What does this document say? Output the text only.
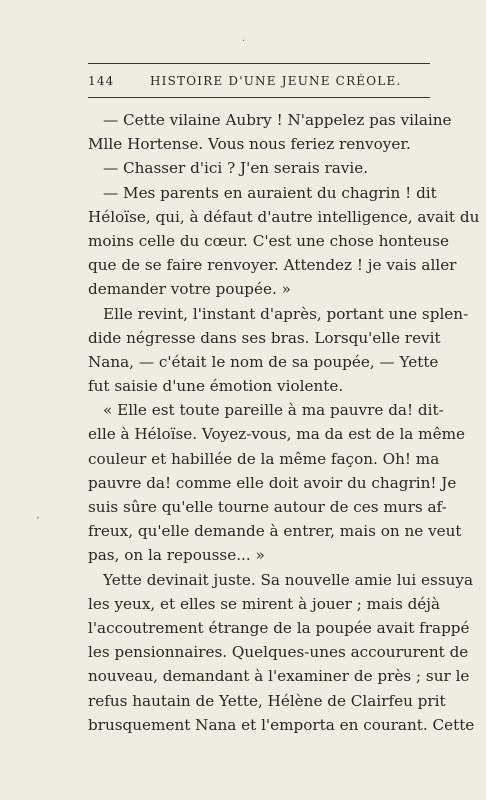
·
144	HISTOIRE D'UNE JEUNE CRÉOLE.
— Cette vilaine Aubry ! N'appelez pas vilaine
Mlle Hortense. Vous nous feriez renvoyer.
— Chasser d'ici ? J'en serais ravie.
— Mes parents en auraient du chagrin ! dit
Héloïse, qui, à défaut d'autre intelligence, avait du
moins celle du cœur. C'est une chose honteuse
que de se faire renvoyer. Attendez ! je vais aller
demander votre poupée. »
Elle revint, l'instant d'après, portant une splen-
dide négresse dans ses bras. Lorsqu'elle revit
Nana, — c'était le nom de sa poupée, — Yette
fut saisie d'une émotion violente.
« Elle est toute pareille à ma pauvre da! dit-
elle à Héloïse. Voyez-vous, ma da est de la même
couleur et habillée de la même façon. Oh! ma
pauvre da! comme elle doit avoir du chagrin! Je
suis sûre qu'elle tourne autour de ces murs af-
freux, qu'elle demande à entrer, mais on ne veut
pas, on la repousse... »
Yette devinait juste. Sa nouvelle amie lui essuya
les yeux, et elles se mirent à jouer ; mais déjà
l'accoutrement étrange de la poupée avait frappé
les pensionnaires. Quelques-unes accoururent de
nouveau, demandant à l'examiner de près ; sur le
refus hautain de Yette, Hélène de Clairfeu prit
brusquement Nana et l'emporta en courant. Cette
ʼ
